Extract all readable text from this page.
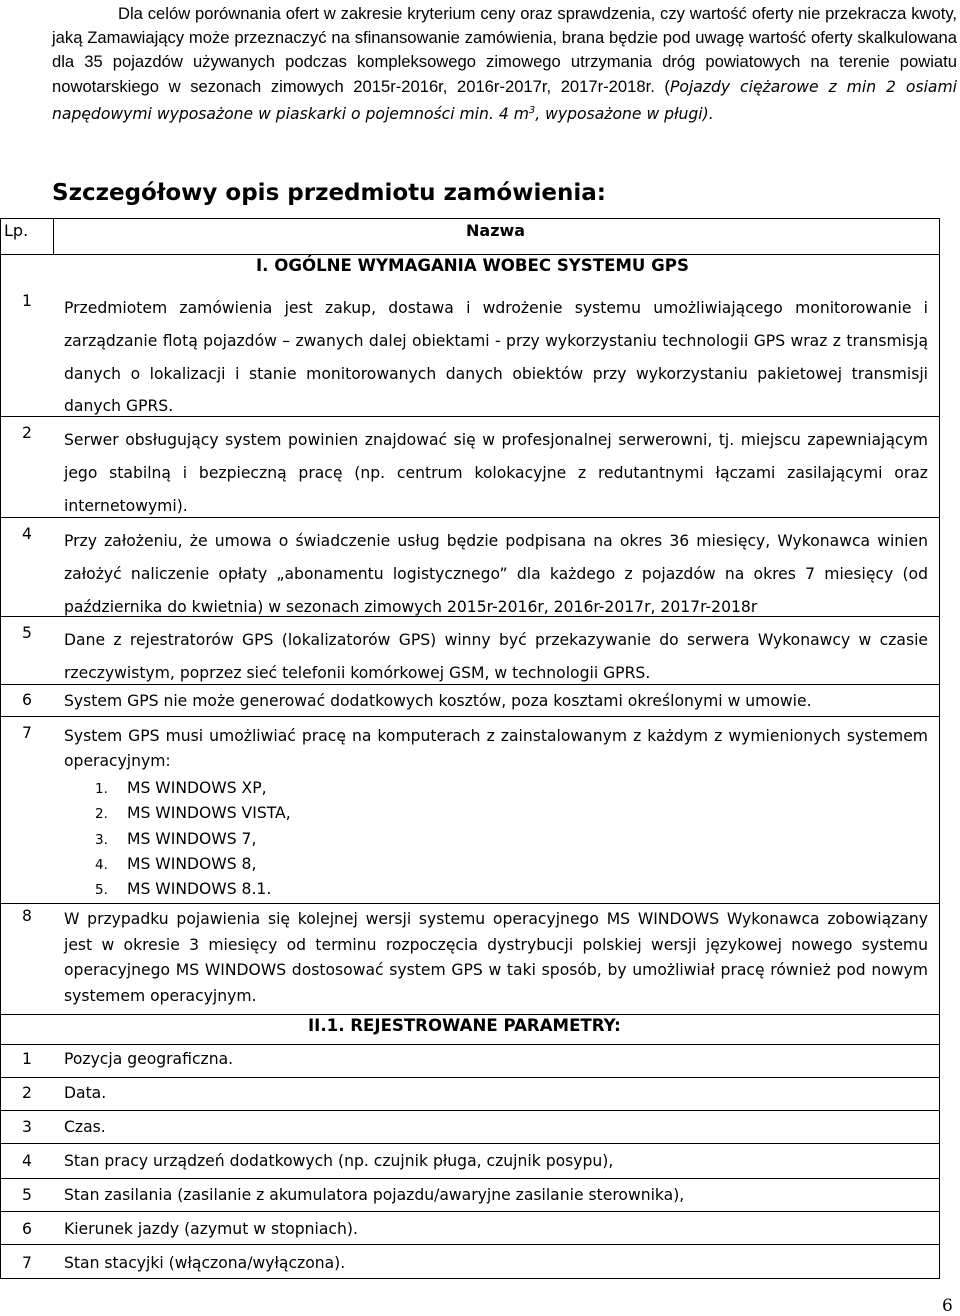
Dla celów porównania ofert w zakresie kryterium ceny oraz sprawdzenia, czy wartość oferty nie przekracza kwoty, jaką Zamawiający może przeznaczyć na sfinansowanie zamówienia, brana będzie pod uwagę wartość oferty skalkulowana dla 35 pojazdów używanych podczas kompleksowego zimowego utrzymania dróg powiatowych na terenie powiatu nowotarskiego w sezonach zimowych 2015r-2016r, 2016r-2017r, 2017r-2018r. (Pojazdy ciężarowe z min 2 osiami napędowymi wyposażone w piaskarki o pojemności min. 4 $m^3$, wyposażone w pługi).
Szczegółowy opis przedmiotu zamówienia:
Lp.	Nazwa
I. OGÓLNE WYMAGANIA WOBEC SYSTEMU GPS
1 Przedmiotem zamówienia jest zakup, dostawa i wdrożenie systemu umożliwiającego monitorowanie i zarządzanie flotą pojazdów – zwanych dalej obiektami - przy wykorzystaniu technologii GPS wraz z transmisją danych o lokalizacji i stanie monitorowanych danych obiektów przy wykorzystaniu pakietowej transmisji danych GPRS.
2 Serwer obsługujący system powinien znajdować się w profesjonalnej serwerowni, tj. miejscu zapewniającym jego stabilną i bezpieczną pracę (np. centrum kolokacyjne z redutantnymi łączami zasilającymi oraz internetowymi).
4 Przy założeniu, że umowa o świadczenie usług będzie podpisana na okres 36 miesięcy, Wykonawca winien założyć naliczenie opłaty „abonamentu logistycznego” dla każdego z pojazdów na okres 7 miesięcy (od października do kwietnia) w sezonach zimowych 2015r-2016r, 2016r-2017r, 2017r-2018r
5 Dane z rejestratorów GPS (lokalizatorów GPS) winny być przekazywanie do serwera Wykonawcy w czasie rzeczywistym, poprzez sieć telefonii komórkowej GSM, w technologii GPRS.
6 System GPS nie może generować dodatkowych kosztów, poza kosztami określonymi w umowie.
7 System GPS musi umożliwiać pracę na komputerach z zainstalowanym z każdym z wymienionych systemem operacyjnym:
1. MS WINDOWS XP,
2. MS WINDOWS VISTA,
3. MS WINDOWS 7,
4. MS WINDOWS 8,
5. MS WINDOWS 8.1.
8 W przypadku pojawienia się kolejnej wersji systemu operacyjnego MS WINDOWS Wykonawca zobowiązany jest w okresie 3 miesięcy od terminu rozpoczęcia dystrybucji polskiej wersji językowej nowego systemu operacyjnego MS WINDOWS dostosować system GPS w taki sposób, by umożliwiał pracę również pod nowym systemem operacyjnym.
II.1. REJESTROWANE PARAMETRY:
1 Pozycja geograficzna.
2 Data.
3 Czas.
4 Stan pracy urządzeń dodatkowych (np. czujnik pługa, czujnik posypu),
5 Stan zasilania (zasilanie z akumulatora pojazdu/awaryjne zasilanie sterownika),
6 Kierunek jazdy (azymut w stopniach).
7 Stan stacyjki (włączona/wyłączona).
6
